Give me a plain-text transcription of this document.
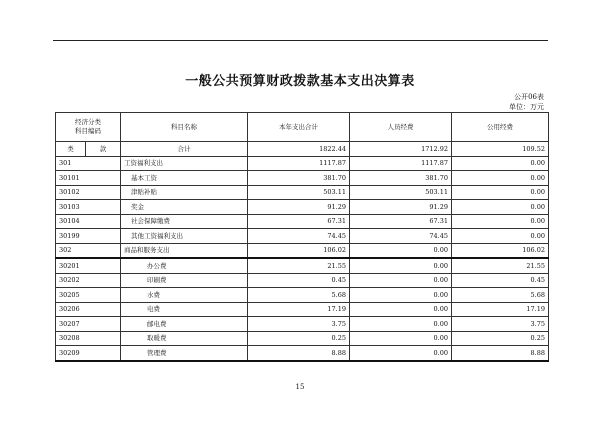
一般公共预算财政拨款基本支出决算表
公开06表
单位：万元
经济分类
科目编码		科目名称	本年支出合计	人员经费	公用经费
类	款	合计	1822.44	1712.92	109.52
301		工资福利支出	1117.87	1117.87	0.00
30101		基本工资	381.70	381.70	0.00
30102		津贴补贴	503.11	503.11	0.00
30103		奖金	91.29	91.29	0.00
30104		社会保障缴费	67.31	67.31	0.00
30199		其他工资福利支出	74.45	74.45	0.00
302		商品和服务支出	106.02	0.00	106.02
30201		办公费	21.55	0.00	21.55
30202		印刷费	0.45	0.00	0.45
30205		水费	5.68	0.00	5.68
30206		电费	17.19	0.00	17.19
30207		邮电费	3.75	0.00	3.75
30208		取暖费	0.25	0.00	0.25
30209		管理费	8.88	0.00	8.88
15
